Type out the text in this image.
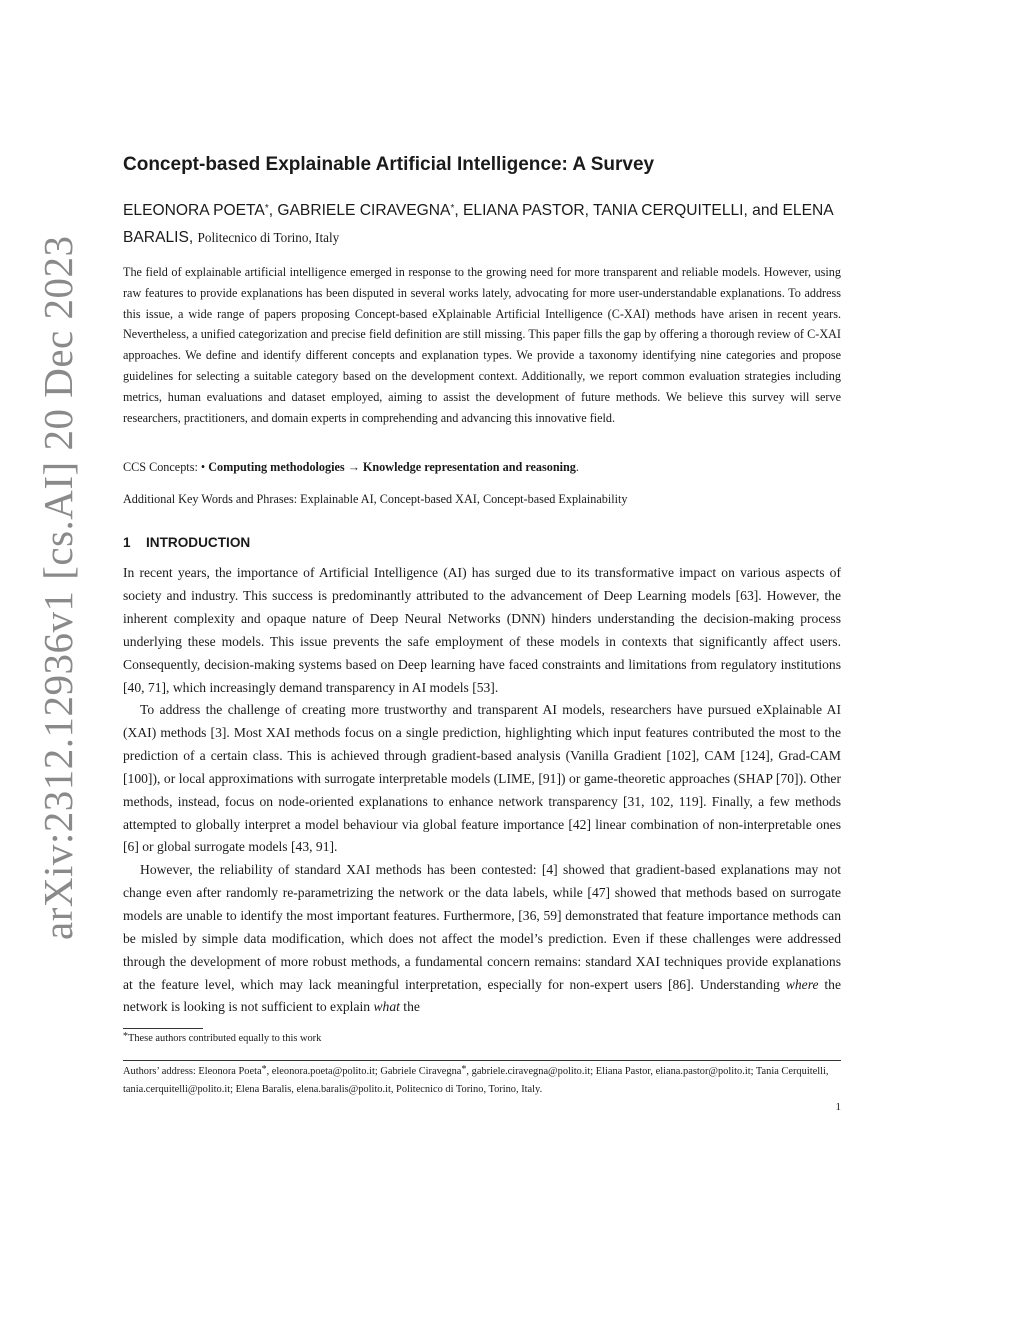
arXiv:2312.12936v1 [cs.AI] 20 Dec 2023
Concept-based Explainable Artificial Intelligence: A Survey

ELEONORA POETA*, GABRIELE CIRAVEGNA*, ELIANA PASTOR, TANIA CERQUITELLI, and ELENA BARALIS, Politecnico di Torino, Italy

The field of explainable artificial intelligence emerged in response to the growing need for more transparent and reliable models. However, using raw features to provide explanations has been disputed in several works lately, advocating for more user-understandable explanations. To address this issue, a wide range of papers proposing Concept-based eXplainable Artificial Intelligence (C-XAI) methods have arisen in recent years. Nevertheless, a unified categorization and precise field definition are still missing. This paper fills the gap by offering a thorough review of C-XAI approaches. We define and identify different concepts and explanation types. We provide a taxonomy identifying nine categories and propose guidelines for selecting a suitable category based on the development context. Additionally, we report common evaluation strategies including metrics, human evaluations and dataset employed, aiming to assist the development of future methods. We believe this survey will serve researchers, practitioners, and domain experts in comprehending and advancing this innovative field.

CCS Concepts: • Computing methodologies → Knowledge representation and reasoning.

Additional Key Words and Phrases: Explainable AI, Concept-based XAI, Concept-based Explainability

1 INTRODUCTION

In recent years, the importance of Artificial Intelligence (AI) has surged due to its transformative impact on various aspects of society and industry. This success is predominantly attributed to the advancement of Deep Learning models [63]. However, the inherent complexity and opaque nature of Deep Neural Networks (DNN) hinders understanding the decision-making process underlying these models. This issue prevents the safe employment of these models in contexts that significantly affect users. Consequently, decision-making systems based on Deep learning have faced constraints and limitations from regulatory institutions [40, 71], which increasingly demand transparency in AI models [53].

To address the challenge of creating more trustworthy and transparent AI models, researchers have pursued eXplainable AI (XAI) methods [3]. Most XAI methods focus on a single prediction, highlighting which input features contributed the most to the prediction of a certain class. This is achieved through gradient-based analysis (Vanilla Gradient [102], CAM [124], Grad-CAM [100]), or local approximations with surrogate interpretable models (LIME, [91]) or game-theoretic approaches (SHAP [70]). Other methods, instead, focus on node-oriented explanations to enhance network transparency [31, 102, 119]. Finally, a few methods attempted to globally interpret a model behaviour via global feature importance [42] linear combination of non-interpretable ones [6] or global surrogate models [43, 91].

However, the reliability of standard XAI methods has been contested: [4] showed that gradient-based explanations may not change even after randomly re-parametrizing the network or the data labels, while [47] showed that methods based on surrogate models are unable to identify the most important features. Furthermore, [36, 59] demonstrated that feature importance methods can be misled by simple data modification, which does not affect the model’s prediction. Even if these challenges were addressed through the development of more robust methods, a fundamental concern remains: standard XAI techniques provide explanations at the feature level, which may lack meaningful interpretation, especially for non-expert users [86]. Understanding where the network is looking is not sufficient to explain what the

*These authors contributed equally to this work

Authors’ address: Eleonora Poeta*, eleonora.poeta@polito.it; Gabriele Ciravegna*, gabriele.ciravegna@polito.it; Eliana Pastor, eliana.pastor@polito.it; Tania Cerquitelli, tania.cerquitelli@polito.it; Elena Baralis, elena.baralis@polito.it, Politecnico di Torino, Torino, Italy.

1
